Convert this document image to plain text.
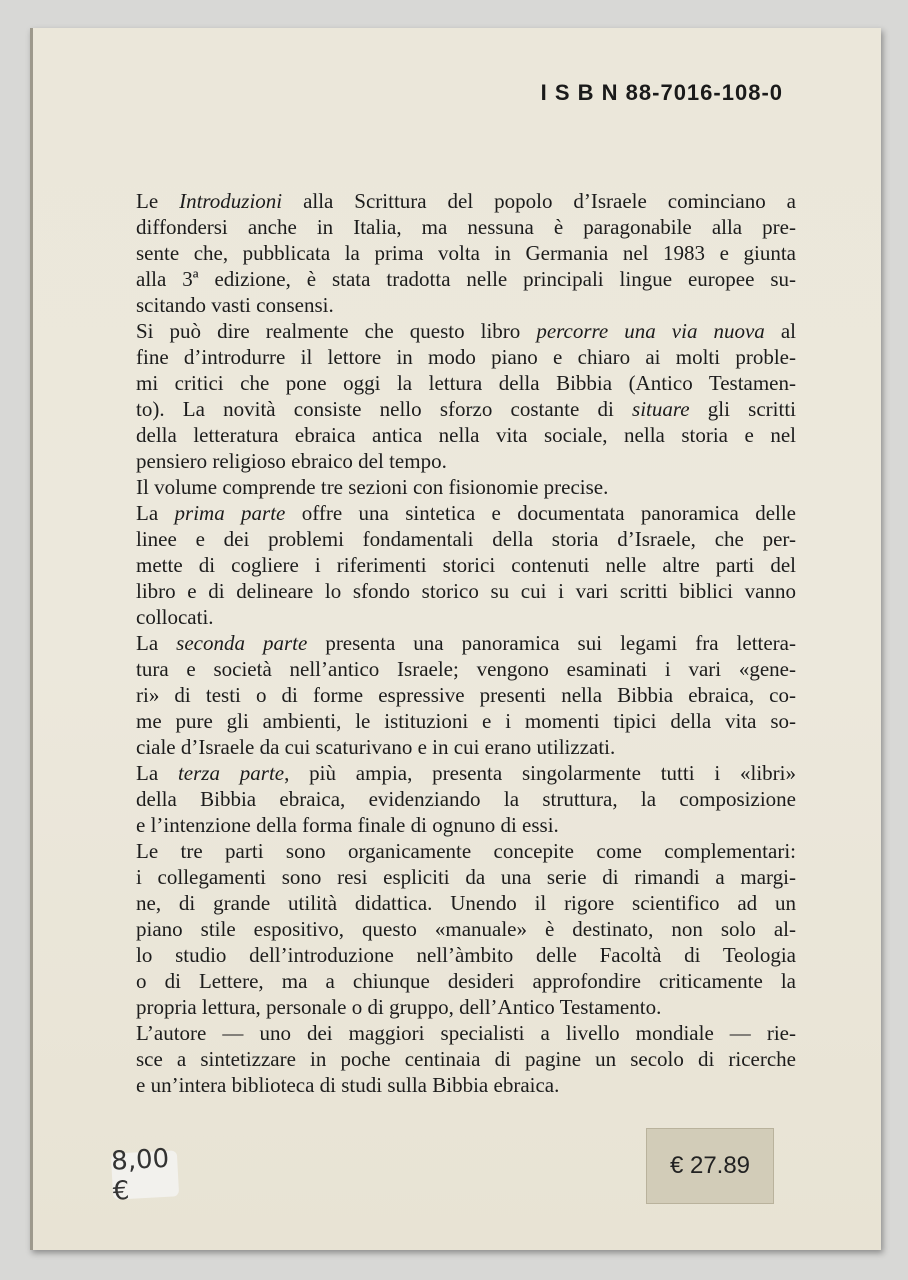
I S B N 88-7016-108-0
Le Introduzioni alla Scrittura del popolo d’Israele cominciano a
diffondersi anche in Italia, ma nessuna è paragonabile alla pre-
sente che, pubblicata la prima volta in Germania nel 1983 e giunta
alla 3ª edizione, è stata tradotta nelle principali lingue europee su-
scitando vasti consensi.
Si può dire realmente che questo libro percorre una via nuova al
fine d’introdurre il lettore in modo piano e chiaro ai molti proble-
mi critici che pone oggi la lettura della Bibbia (Antico Testamen-
to). La novità consiste nello sforzo costante di situare gli scritti
della letteratura ebraica antica nella vita sociale, nella storia e nel
pensiero religioso ebraico del tempo.
Il volume comprende tre sezioni con fisionomie precise.
La prima parte offre una sintetica e documentata panoramica delle
linee e dei problemi fondamentali della storia d’Israele, che per-
mette di cogliere i riferimenti storici contenuti nelle altre parti del
libro e di delineare lo sfondo storico su cui i vari scritti biblici vanno
collocati.
La seconda parte presenta una panoramica sui legami fra lettera-
tura e società nell’antico Israele; vengono esaminati i vari «gene-
ri» di testi o di forme espressive presenti nella Bibbia ebraica, co-
me pure gli ambienti, le istituzioni e i momenti tipici della vita so-
ciale d’Israele da cui scaturivano e in cui erano utilizzati.
La terza parte, più ampia, presenta singolarmente tutti i «libri»
della Bibbia ebraica, evidenziando la struttura, la composizione
e l’intenzione della forma finale di ognuno di essi.
Le tre parti sono organicamente concepite come complementari:
i collegamenti sono resi espliciti da una serie di rimandi a margi-
ne, di grande utilità didattica. Unendo il rigore scientifico ad un
piano stile espositivo, questo «manuale» è destinato, non solo al-
lo studio dell’introduzione nell’àmbito delle Facoltà di Teologia
o di Lettere, ma a chiunque desideri approfondire criticamente la
propria lettura, personale o di gruppo, dell’Antico Testamento.
L’autore — uno dei maggiori specialisti a livello mondiale — rie-
sce a sintetizzare in poche centinaia di pagine un secolo di ricerche
e un’intera biblioteca di studi sulla Bibbia ebraica.
8,00 €
€ 27.89
